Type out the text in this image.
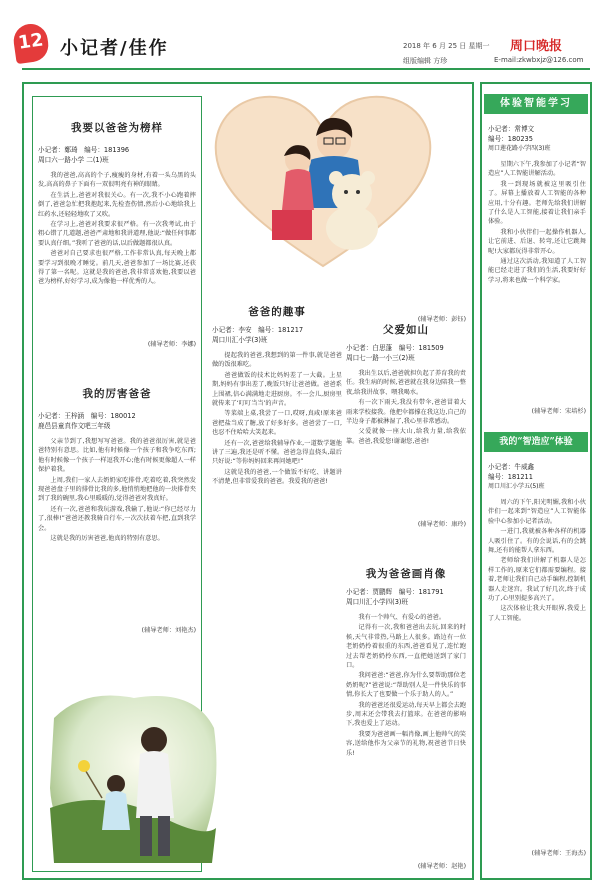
12 小记者/佳作	2018 年 6 月 25 日 星期一 周口晚报
组版编辑 方珍	E-mail:zkwbxjz@126.com
我要以爸爸为榜样
小记者：鄭琦　编号：181396
周口六一路小学 二(1)班

我的爸爸,高高的个子,瘦瘦的身材,有着一头乌黑的头发,高高的鼻子下面有一双很明亮有神的眼睛。

在生活上,爸爸对我很关心。有一次,我不小心跑着摔倒了,爸爸急忙把我抱起来,先检查伤情,然后小心地给我上红药水,还轻轻地吹了又吹。

在学习上,爸爸对我要求很严格。有一次我考试,由于粗心错了几道题,爸爸严肃地和我讲道理,他说:“做任何事都要认真仔细。”我听了爸爸的话,以后做题都很认真。

爸爸对自己要求也很严格,工作非常认真,每天晚上都要学习到很晚才睡觉。前几天,爸爸参加了一场比赛,还获得了第一名呢。这就是我的爸爸,我非常喜欢他,我要以爸爸为榜样,好好学习,成为像他一样优秀的人。

(辅导老师：李娜)
我的厉害爸爸
小记者：王梓涵　编号：180012
鹿邑县童真作文吧三年级

父亲节到了,我想写写爸爸。我的爸爸很厉害,就是爸爸特别有意思。比如,他有时候像一个孩子和我争吃东西;他有时候像一个孩子一样逗我开心;他有时候更像超人一样保护着我。

上周,我们一家人去奶奶家吃排骨,吃着吃着,我突然发现爸爸盘子里的排骨比我的多,他悄悄地把他的一块排骨夹到了我的碗里,我心里暖暖的,觉得爸爸对我真好。

还有一次,爸爸和我玩游戏,我输了,他说:“你已经尽力了,很棒!”爸爸还教我骑自行车,一次次扶着车把,直到我学会。

这就是我的厉害爸爸,他真的特别有意思。

(辅导老师：刘艳杰)
爸爸的趣事
小记者：李安　编号：181217
周口川汇小学(3)班

提起我的爸爸,我想到的第一件事,就是爸爸做的饭很难吃。

爸爸做饭的技术比妈妈差了一大截。上星期,妈妈有事出差了,晚饭只好让爸爸做。爸爸系上围裙,信心满满地走进厨房。不一会儿,厨房里就传来了‘叮叮当当’的声音。

等菜端上桌,我尝了一口,哎呀,真咸!原来爸爸把盐当成了糖,放了好多好多。爸爸尝了一口,也忍不住哈哈大笑起来。

还有一次,爸爸给我辅导作业,一道数学题他讲了三遍,我还是听不懂。爸爸急得直挠头,最后只好说:“等你妈妈回来再问她吧!”

这就是我的爸爸,一个做饭不好吃、讲题讲不清楚,但非常爱我的爸爸。我爱我的爸爸!

(辅导老师：彭钰)
父爱如山
小记者：白思蓬　编号：181509
周口七一路一小三(2)班

我出生以后,爸爸就担负起了养育我的责任。我生病的时候,爸爸就在我身边陪我一整夜,给我讲故事、喂我喝水。

有一次下雨天,我没有带伞,爸爸冒着大雨来学校接我。他把伞都撑在我这边,自己的半边身子都被淋湿了,我心里非常感动。

父爱就像一座大山,给我力量,给我依靠。爸爸,我爱您!谢谢您,爸爸!

(辅导老师：康玲)
我为爸爸画肖像
小记者：贾鹏辉　编号：181791
周口川汇小学四(3)班

我有一个帅气、有爱心的爸爸。

记得有一次,我和爸爸出去玩,回来的时候,天气非常热,马路上人很多。路边有一位老奶奶拎着很重的东西,爸爸看见了,连忙跑过去帮老奶奶拎东西,一直把她送到了家门口。

我问爸爸:“爸爸,你为什么要帮助那位老奶奶呢?”爸爸说:“帮助别人是一件快乐的事情,你长大了也要做一个乐于助人的人。”

我的爸爸还很爱运动,每天早上都会去跑步,周末还会带我去打篮球。在爸爸的影响下,我也爱上了运动。

我要为爸爸画一幅肖像,画上他帅气的笑容,送给他作为父亲节的礼物,祝爸爸节日快乐!

(辅导老师：赵艳)
体验智能学习
小记者：常博文
编号：180235
周口莲花路小学四(3)班

星期六下午,我参加了小记者“智造应”人工智能讲解活动。

我一到现场就被这里吸引住了。屏幕上播放着人工智能的各种应用,十分有趣。老师先给我们讲解了什么是人工智能,接着让我们亲手体验。

我和小伙伴们一起操作机器人,让它前进、后退、转弯,还让它跳舞呢!大家都玩得非常开心。

通过这次活动,我知道了人工智能已经走进了我们的生活,我要好好学习,将来也做一个科学家。

(辅导老师：宋培杉)
我的“智造应”体验
小记者：牛威鑫
编号：181211
周口川汇小学五(5)班

周六的下午,阳光明媚,我和小伙伴们一起来到“智造应”人工智能体验中心参加小记者活动。

一进门,我就被各种各样的机器人吸引住了。有的会说话,有的会跳舞,还有的能帮人拿东西。

老师给我们讲解了机器人是怎样工作的,原来它们都需要编程。接着,老师让我们自己动手编程,控制机器人走迷宫。我试了好几次,终于成功了,心里别提多高兴了。

这次体验让我大开眼界,我爱上了人工智能。

(辅导老师：王海杰)
